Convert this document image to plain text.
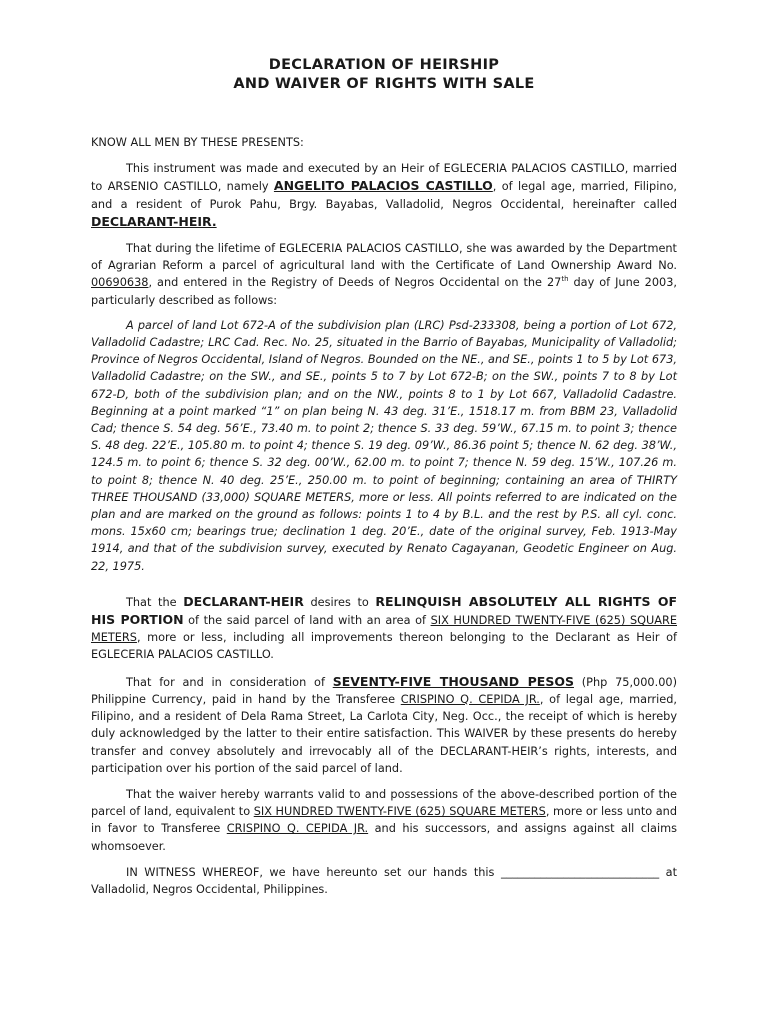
DECLARATION OF HEIRSHIP
AND WAIVER OF RIGHTS WITH SALE

KNOW ALL MEN BY THESE PRESENTS:

This instrument was made and executed by an Heir of EGLECERIA PALACIOS CASTILLO, married to ARSENIO CASTILLO, namely ANGELITO PALACIOS CASTILLO, of legal age, married, Filipino, and a resident of Purok Pahu, Brgy. Bayabas, Valladolid, Negros Occidental, hereinafter called DECLARANT-HEIR.

That during the lifetime of EGLECERIA PALACIOS CASTILLO, she was awarded by the Department of Agrarian Reform a parcel of agricultural land with the Certificate of Land Ownership Award No. 00690638, and entered in the Registry of Deeds of Negros Occidental on the 27th day of June 2003, particularly described as follows:

A parcel of land Lot 672-A of the subdivision plan (LRC) Psd-233308, being a portion of Lot 672, Valladolid Cadastre; LRC Cad. Rec. No. 25, situated in the Barrio of Bayabas, Municipality of Valladolid; Province of Negros Occidental, Island of Negros. Bounded on the NE., and SE., points 1 to 5 by Lot 673, Valladolid Cadastre; on the SW., and SE., points 5 to 7 by Lot 672-B; on the SW., points 7 to 8 by Lot 672-D, both of the subdivision plan; and on the NW., points 8 to 1 by Lot 667, Valladolid Cadastre. Beginning at a point marked “1” on plan being N. 43 deg. 31’E., 1518.17 m. from BBM 23, Valladolid Cad; thence S. 54 deg. 56’E., 73.40 m. to point 2; thence S. 33 deg. 59’W., 67.15 m. to point 3; thence S. 48 deg. 22’E., 105.80 m. to point 4; thence S. 19 deg. 09’W., 86.36 point 5; thence N. 62 deg. 38’W., 124.5 m. to point 6; thence S. 32 deg. 00’W., 62.00 m. to point 7; thence N. 59 deg. 15’W., 107.26 m. to point 8; thence N. 40 deg. 25’E., 250.00 m. to point of beginning; containing an area of THIRTY THREE THOUSAND (33,000) SQUARE METERS, more or less. All points referred to are indicated on the plan and are marked on the ground as follows: points 1 to 4 by B.L. and the rest by P.S. all cyl. conc. mons. 15x60 cm; bearings true; declination 1 deg. 20’E., date of the original survey, Feb. 1913-May 1914, and that of the subdivision survey, executed by Renato Cagayanan, Geodetic Engineer on Aug. 22, 1975.

That the DECLARANT-HEIR desires to RELINQUISH ABSOLUTELY ALL RIGHTS OF HIS PORTION of the said parcel of land with an area of SIX HUNDRED TWENTY-FIVE (625) SQUARE METERS, more or less, including all improvements thereon belonging to the Declarant as Heir of EGLECERIA PALACIOS CASTILLO.

That for and in consideration of SEVENTY-FIVE THOUSAND PESOS (Php 75,000.00) Philippine Currency, paid in hand by the Transferee CRISPINO Q. CEPIDA JR., of legal age, married, Filipino, and a resident of Dela Rama Street, La Carlota City, Neg. Occ., the receipt of which is hereby duly acknowledged by the latter to their entire satisfaction. This WAIVER by these presents do hereby transfer and convey absolutely and irrevocably all of the DECLARANT-HEIR’s rights, interests, and participation over his portion of the said parcel of land.

That the waiver hereby warrants valid to and possessions of the above-described portion of the parcel of land, equivalent to SIX HUNDRED TWENTY-FIVE (625) SQUARE METERS, more or less unto and in favor to Transferee CRISPINO Q. CEPIDA JR. and his successors, and assigns against all claims whomsoever.

IN WITNESS WHEREOF, we have hereunto set our hands this ____________________________ at Valladolid, Negros Occidental, Philippines.
